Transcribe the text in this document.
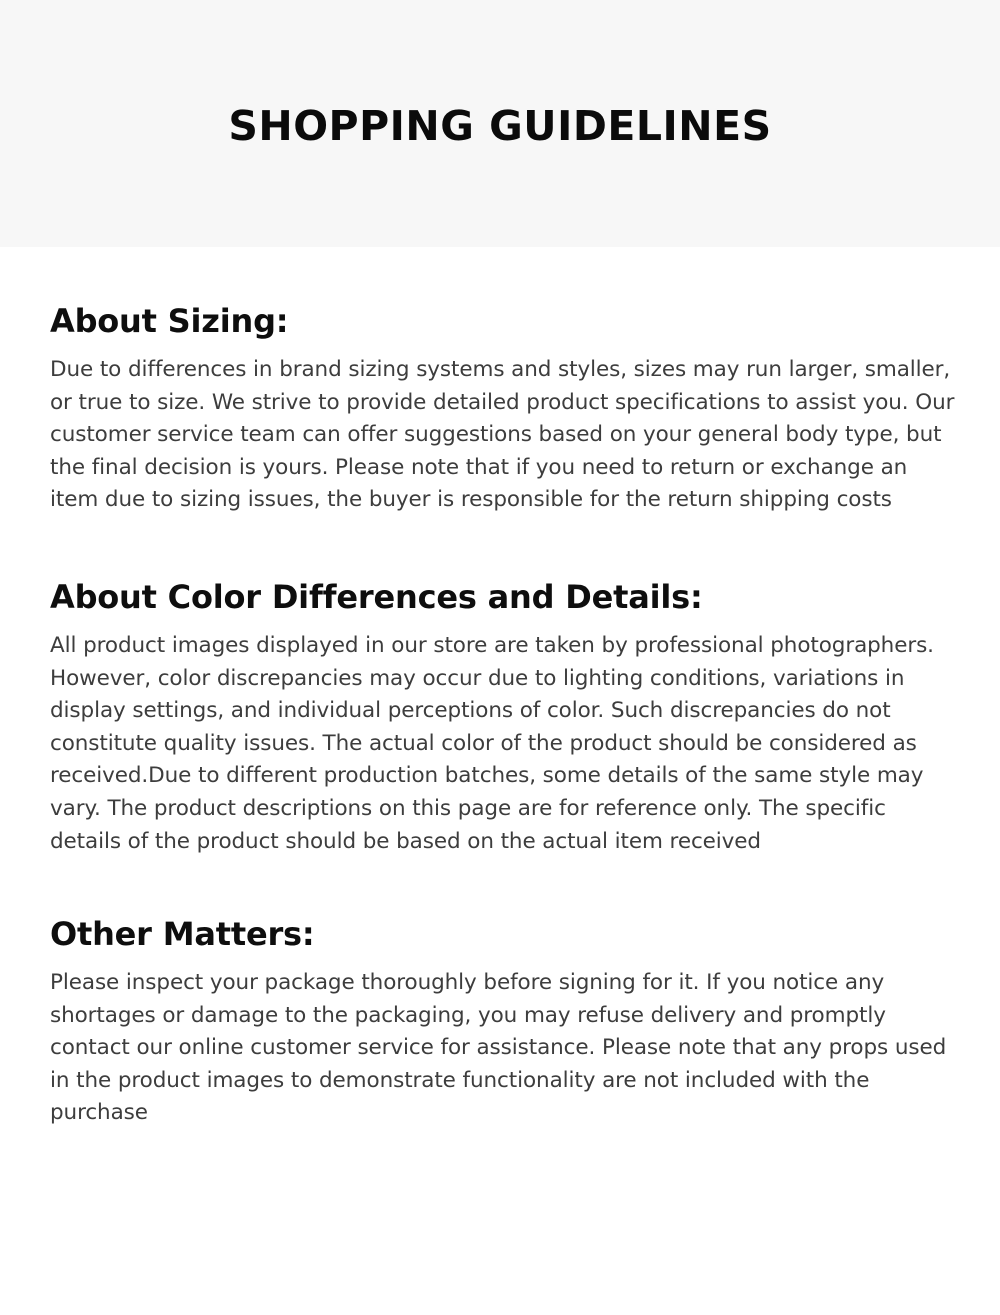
SHOPPING GUIDELINES
About Sizing:

Due to differences in brand sizing systems and styles, sizes may run larger, smaller, or true to size. We strive to provide detailed product specifications to assist you. Our customer service team can offer suggestions based on your general body type, but the final decision is yours. Please note that if you need to return or exchange an item due to sizing issues, the buyer is responsible for the return shipping costs

About Color Differences and Details:

All product images displayed in our store are taken by professional photographers. However, color discrepancies may occur due to lighting conditions, variations in display settings, and individual perceptions of color. Such discrepancies do not constitute quality issues. The actual color of the product should be considered as received.Due to different production batches, some details of the same style may vary. The product descriptions on this page are for reference only. The specific details of the product should be based on the actual item received

Other Matters:

Please inspect your package thoroughly before signing for it. If you notice any shortages or damage to the packaging, you may refuse delivery and promptly contact our online customer service for assistance. Please note that any props used in the product images to demonstrate functionality are not included with the purchase
